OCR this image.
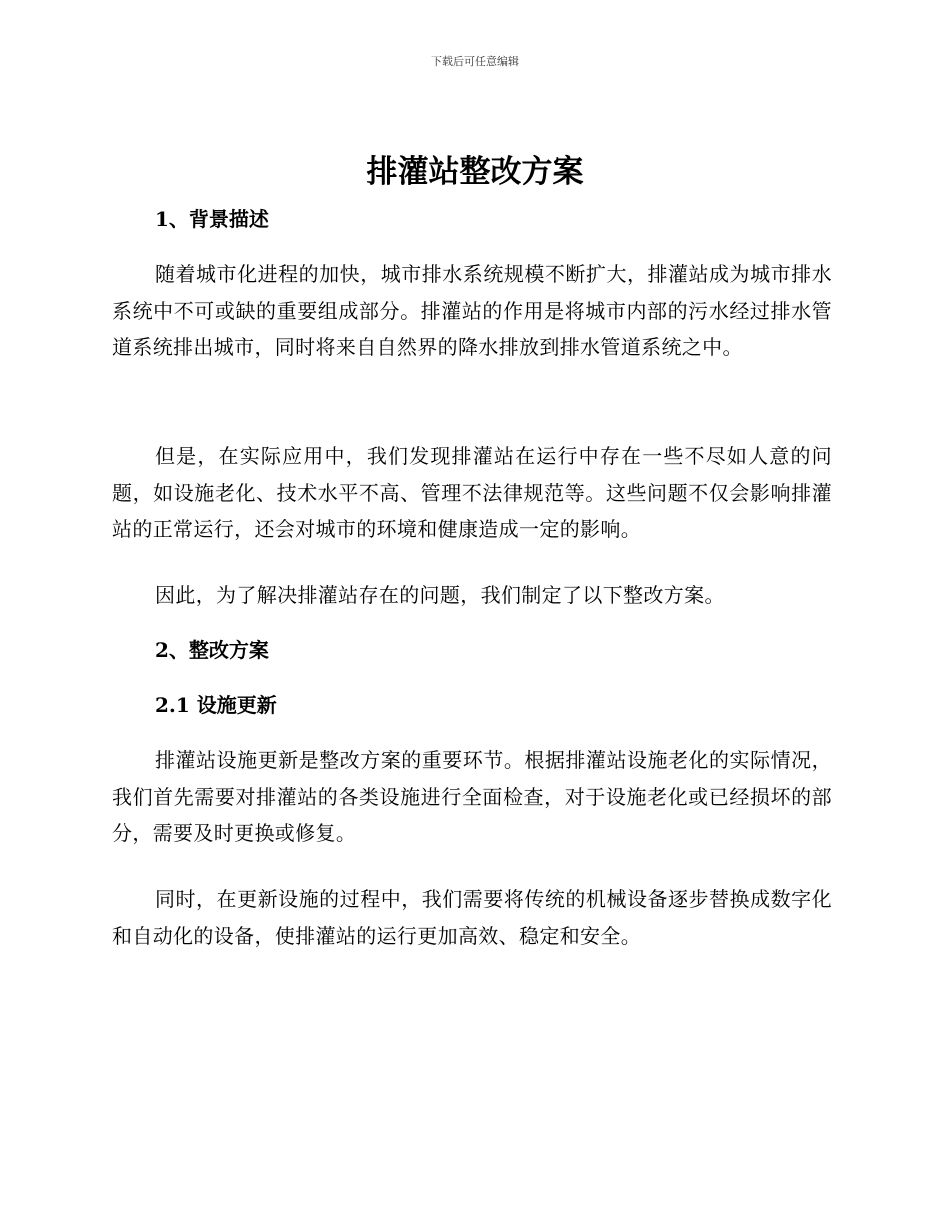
下载后可任意编辑
排灌站整改方案

1、背景描述

随着城市化进程的加快，城市排水系统规模不断扩大，排灌站成为城市排水系统中不可或缺的重要组成部分。排灌站的作用是将城市内部的污水经过排水管道系统排出城市，同时将来自自然界的降水排放到排水管道系统之中。

但是，在实际应用中，我们发现排灌站在运行中存在一些不尽如人意的问题，如设施老化、技术水平不高、管理不法律规范等。这些问题不仅会影响排灌站的正常运行，还会对城市的环境和健康造成一定的影响。

因此，为了解决排灌站存在的问题，我们制定了以下整改方案。

2、整改方案

2.1 设施更新

排灌站设施更新是整改方案的重要环节。根据排灌站设施老化的实际情况，我们首先需要对排灌站的各类设施进行全面检查，对于设施老化或已经损坏的部分，需要及时更换或修复。

同时，在更新设施的过程中，我们需要将传统的机械设备逐步替换成数字化和自动化的设备，使排灌站的运行更加高效、稳定和安全。
